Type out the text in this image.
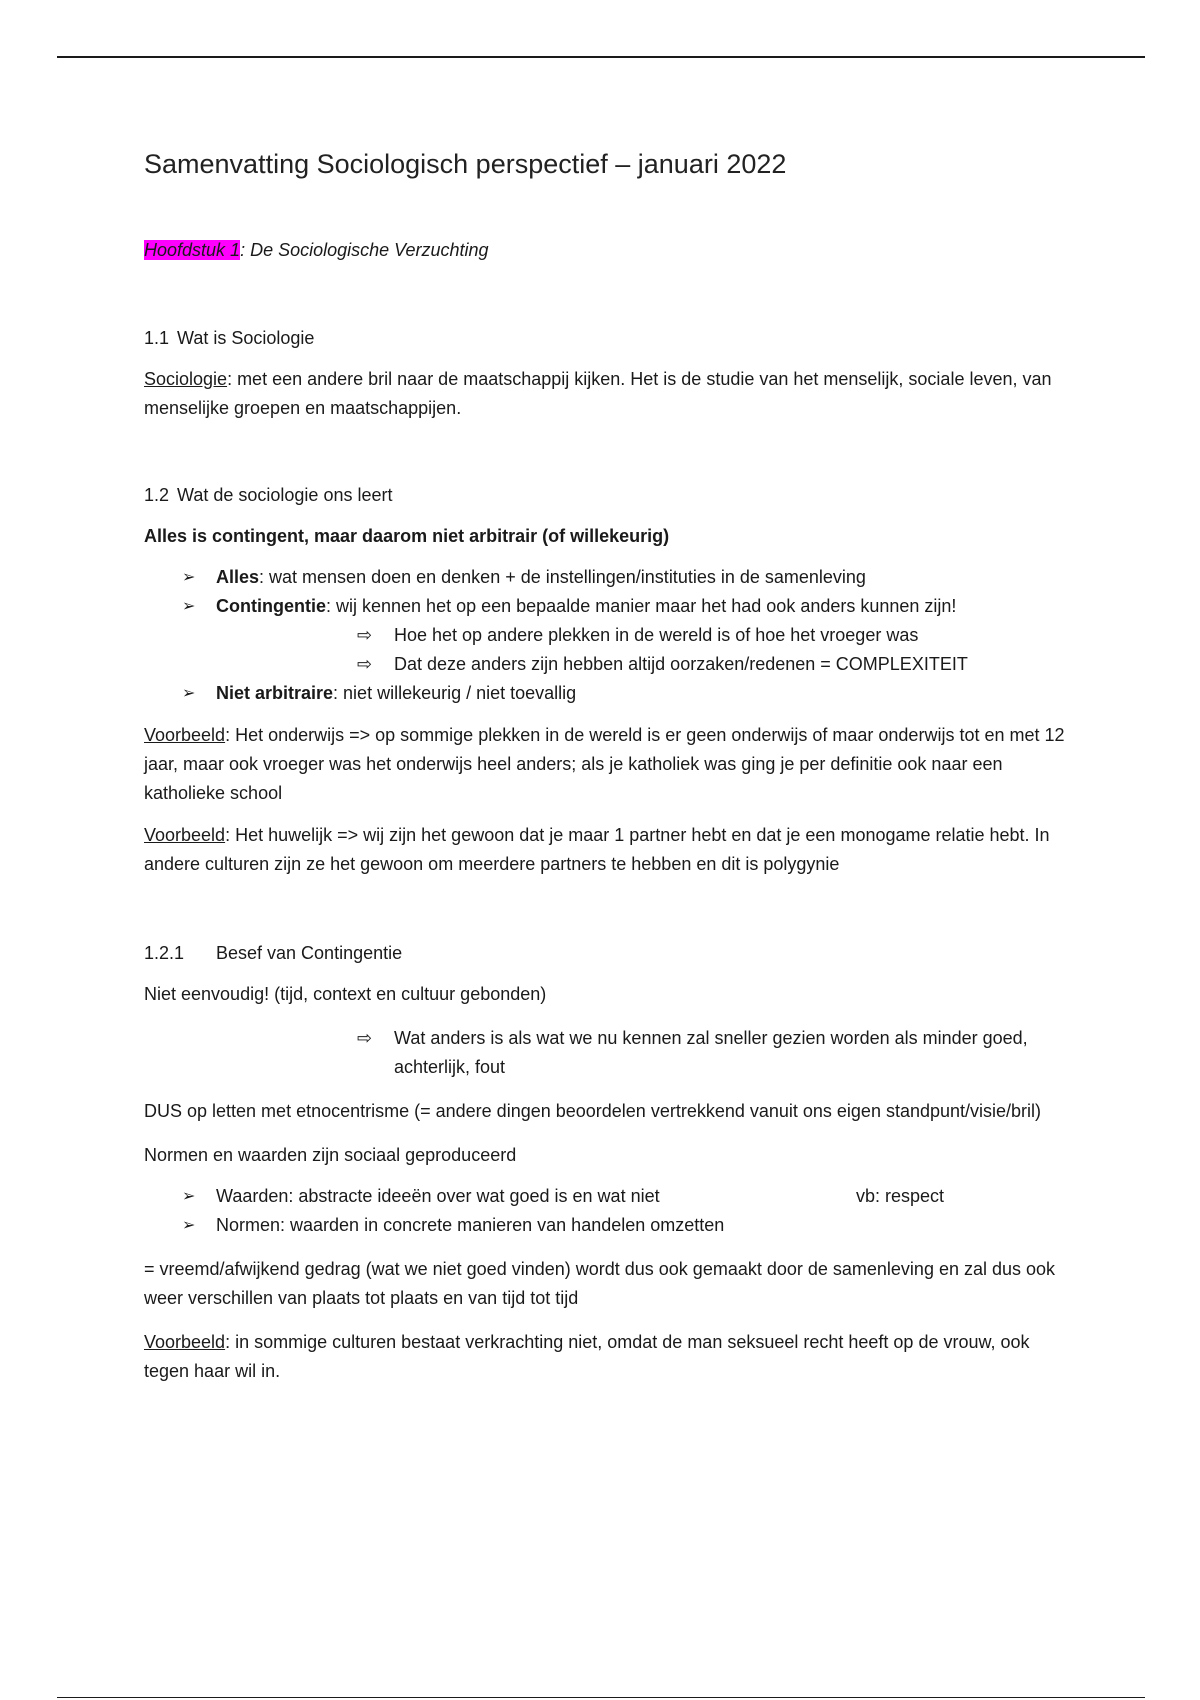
Samenvatting Sociologisch perspectief – januari 2022
Hoofdstuk 1: De Sociologische Verzuchting
1.1 Wat is Sociologie

Sociologie: met een andere bril naar de maatschappij kijken. Het is de studie van het menselijk, sociale leven, van menselijke groepen en maatschappijen.

1.2 Wat de sociologie ons leert

Alles is contingent, maar daarom niet arbitrair (of willekeurig)

➢ Alles: wat mensen doen en denken + de instellingen/instituties in de samenleving
➢ Contingentie: wij kennen het op een bepaalde manier maar het had ook anders kunnen zijn!
⇨ Hoe het op andere plekken in de wereld is of hoe het vroeger was
⇨ Dat deze anders zijn hebben altijd oorzaken/redenen = COMPLEXITEIT
➢ Niet arbitraire: niet willekeurig / niet toevallig

Voorbeeld: Het onderwijs => op sommige plekken in de wereld is er geen onderwijs of maar onderwijs tot en met 12 jaar, maar ook vroeger was het onderwijs heel anders; als je katholiek was ging je per definitie ook naar een katholieke school

Voorbeeld: Het huwelijk => wij zijn het gewoon dat je maar 1 partner hebt en dat je een monogame relatie hebt. In andere culturen zijn ze het gewoon om meerdere partners te hebben en dit is polygynie

1.2.1 Besef van Contingentie

Niet eenvoudig! (tijd, context en cultuur gebonden)

⇨ Wat anders is als wat we nu kennen zal sneller gezien worden als minder goed, achterlijk, fout

DUS op letten met etnocentrisme (= andere dingen beoordelen vertrekkend vanuit ons eigen standpunt/visie/bril)

Normen en waarden zijn sociaal geproduceerd

➢ Waarden: abstracte ideeën over wat goed is en wat niet	vb: respect
➢ Normen: waarden in concrete manieren van handelen omzetten

= vreemd/afwijkend gedrag (wat we niet goed vinden) wordt dus ook gemaakt door de samenleving en zal dus ook weer verschillen van plaats tot plaats en van tijd tot tijd

Voorbeeld: in sommige culturen bestaat verkrachting niet, omdat de man seksueel recht heeft op de vrouw, ook tegen haar wil in.
